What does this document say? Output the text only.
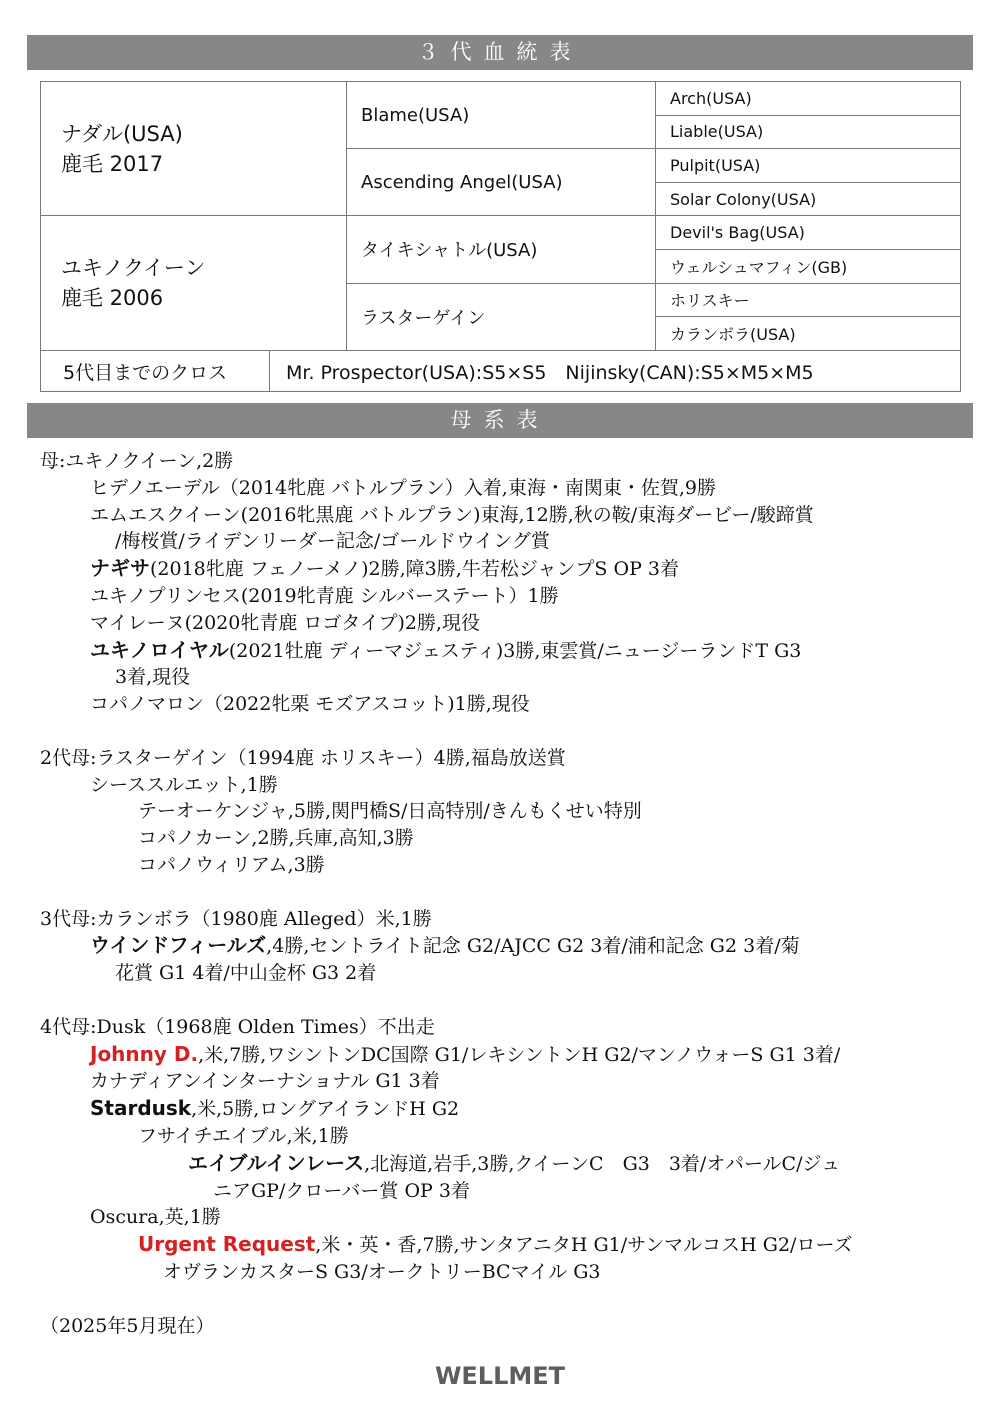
３代血統表
ナダル(USA)
鹿毛 2017	Blame(USA)	Arch(USA)
		Liable(USA)
	Ascending Angel(USA)	Pulpit(USA)
		Solar Colony(USA)

ユキノクイーン
鹿毛 2006	タイキシャトル(USA)	Devil's Bag(USA)
		ウェルシュマフィン(GB)
	ラスターゲイン	ホリスキー
		カランボラ(USA)
5代目までのクロス	Mr. Prospector(USA):S5×S5　Nijinsky(CAN):S5×M5×M5
母系表
母:ユキノクイーン,2勝
ヒデノエーデル（2014牝鹿 バトルプラン）入着,東海・南関東・佐賀,9勝
エムエスクイーン(2016牝黒鹿 バトルプラン)東海,12勝,秋の鞍/東海ダービー/駿蹄賞
/梅桜賞/ライデンリーダー記念/ゴールドウイング賞
ナギサ(2018牝鹿 フェノーメノ)2勝,障3勝,牛若松ジャンプS OP 3着
ユキノプリンセス(2019牝青鹿 シルバーステート）1勝
マイレーヌ(2020牝青鹿 ロゴタイプ)2勝,現役
ユキノロイヤル(2021牡鹿 ディーマジェスティ)3勝,東雲賞/ニュージーランドT G3
3着,現役
コパノマロン（2022牝栗 モズアスコット)1勝,現役
2代母:ラスターゲイン（1994鹿 ホリスキー）4勝,福島放送賞
シーススルエット,1勝
テーオーケンジャ,5勝,関門橋S/日高特別/きんもくせい特別
コパノカーン,2勝,兵庫,高知,3勝
コパノウィリアム,3勝
3代母:カランボラ（1980鹿 Alleged）米,1勝
ウインドフィールズ,4勝,セントライト記念 G2/AJCC G2 3着/浦和記念 G2 3着/菊
花賞 G1 4着/中山金杯 G3 2着
4代母:Dusk（1968鹿 Olden Times）不出走
Johnny D.,米,7勝,ワシントンDC国際 G1/レキシントンH G2/マンノウォーS G1 3着/
カナディアンインターナショナル G1 3着
Stardusk,米,5勝,ロングアイランドH G2
フサイチエイブル,米,1勝
エイブルインレース,北海道,岩手,3勝,クイーンC　G3　3着/オパールC/ジュ
ニアGP/クローバー賞 OP 3着
Oscura,英,1勝
Urgent Request,米・英・香,7勝,サンタアニタH G1/サンマルコスH G2/ローズ
オヴランカスターS G3/オークトリーBCマイル G3
（2025年5月現在）
WELLMET
